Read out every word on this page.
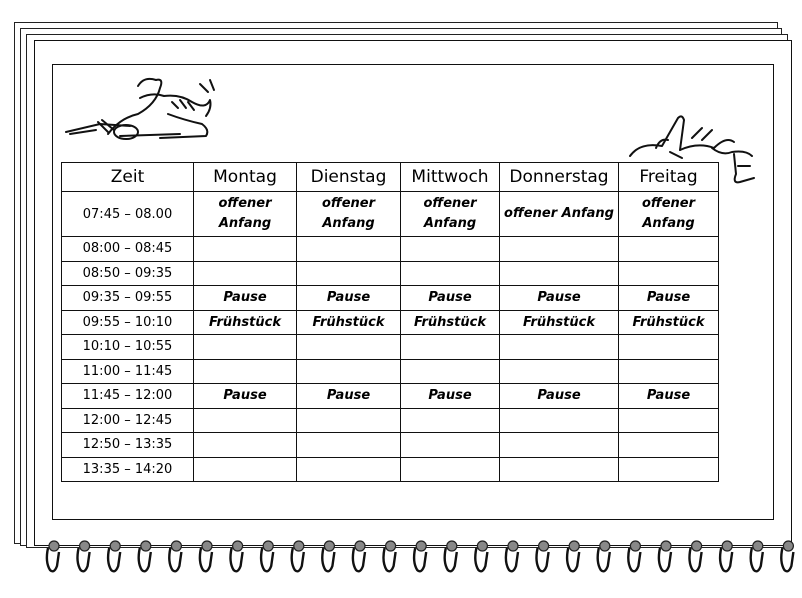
Zeit	Montag	Dienstag	Mittwoch	Donnerstag	Freitag
07:45 – 08.00	offener Anfang	offener Anfang	offener Anfang	offener Anfang	offener Anfang
08:00 – 08:45					
08:50 – 09:35					
09:35 – 09:55	Pause	Pause	Pause	Pause	Pause
09:55 – 10:10	Frühstück	Frühstück	Frühstück	Frühstück	Frühstück
10:10 – 10:55					
11:00 – 11:45					
11:45 – 12:00	Pause	Pause	Pause	Pause	Pause
12:00 – 12:45					
12:50 – 13:35					
13:35 – 14:20					
